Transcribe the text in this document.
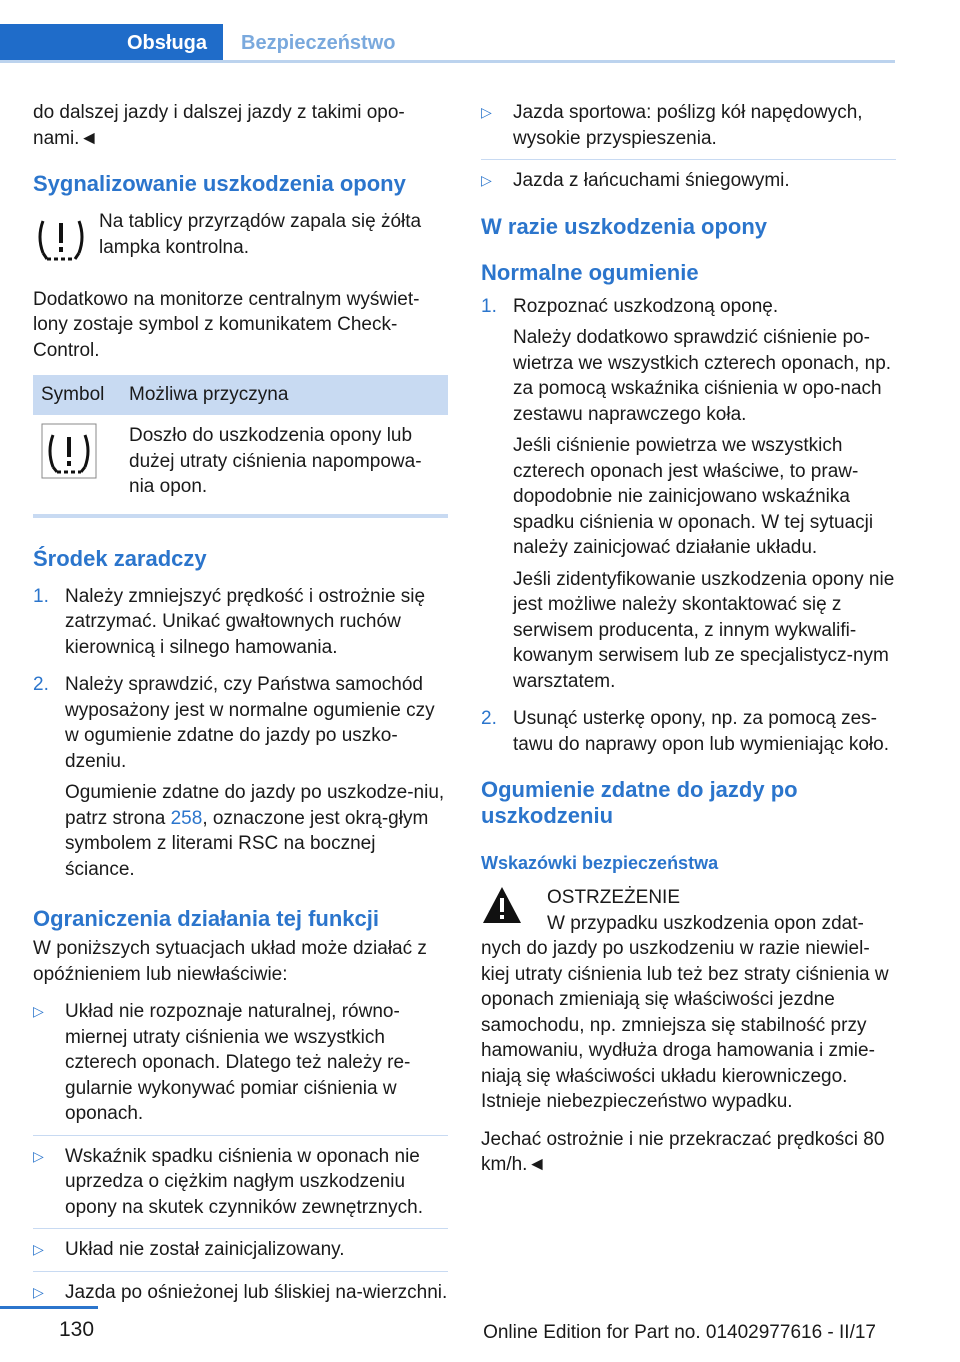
Obsługa	Bezpieczeństwo

do dalszej jazdy i dalszej jazdy z takimi opo-nami.◄

Sygnalizowanie uszkodzenia opony
Na tablicy przyrządów zapala się żółta lampka kontrolna.

Dodatkowo na monitorze centralnym wyświet-lony zostaje symbol z komunikatem Check-Control.

Symbol	Możliwa przyczyna
	Doszło do uszkodzenia opony lub dużej utraty ciśnienia napompowa-nia opon.
Środek zaradczy
1. Należy zmniejszyć prędkość i ostrożnie się zatrzymać. Unikać gwałtownych ruchów kierownicą i silnego hamowania.

2. Należy sprawdzić, czy Państwa samochód wyposażony jest w normalne ogumienie czy w ogumienie zdatne do jazdy po uszko-dzeniu.

Ogumienie zdatne do jazdy po uszkodze-niu, patrz strona 258, oznaczone jest okrą-głym symbolem z literami RSC na bocznej ściance.

Ograniczenia działania tej funkcji

W poniższych sytuacjach układ może działać z opóźnieniem lub niewłaściwie:

▷	Układ nie rozpoznaje naturalnej, równo-miernej utraty ciśnienia we wszystkich czterech oponach. Dlatego też należy re-gularnie wykonywać pomiar ciśnienia w oponach.
▷	Wskaźnik spadku ciśnienia w oponach nie uprzedza o ciężkim nagłym uszkodzeniu opony na skutek czynników zewnętrznych.
▷	Układ nie został zainicjalizowany.
▷	Jazda po ośnieżonej lub śliskiej na-wierzchni.
▷	Jazda sportowa: poślizg kół napędowych, wysokie przyspieszenia.
▷	Jazda z łańcuchami śniegowymi.
W razie uszkodzenia opony
Normalne ogumienie
1. Rozpoznać uszkodzoną oponę.

Należy dodatkowo sprawdzić ciśnienie po-wietrza we wszystkich czterech oponach, np. za pomocą wskaźnika ciśnienia w opo-nach zestawu naprawczego koła.

Jeśli ciśnienie powietrza we wszystkich czterech oponach jest właściwe, to praw-dopodobnie nie zainicjowano wskaźnika spadku ciśnienia w oponach. W tej sytuacji należy zainicjować działanie układu.

Jeśli zidentyfikowanie uszkodzenia opony nie jest możliwe należy skontaktować się z serwisem producenta, z innym wykwalifi-kowanym serwisem lub ze specjalistycz-nym warsztatem.

2. Usunąć usterkę opony, np. za pomocą zes-tawu do naprawy opon lub wymieniając koło.

Ogumienie zdatne do jazdy po uszkodzeniu
Wskazówki bezpieczeństwa
OSTRZEŻENIE
W przypadku uszkodzenia opon zdat-

nych do jazdy po uszkodzeniu w razie niewiel-kiej utraty ciśnienia lub też bez straty ciśnienia w oponach zmieniają się właściwości jezdne samochodu, np. zmniejsza się stabilność przy hamowaniu, wydłuża droga hamowania i zmie-niają się właściwości układu kierowniczego. Istnieje niebezpieczeństwo wypadku.

Jechać ostrożnie i nie przekraczać prędkości 80 km/h.◄

130	Online Edition for Part no. 01402977616 - II/17
